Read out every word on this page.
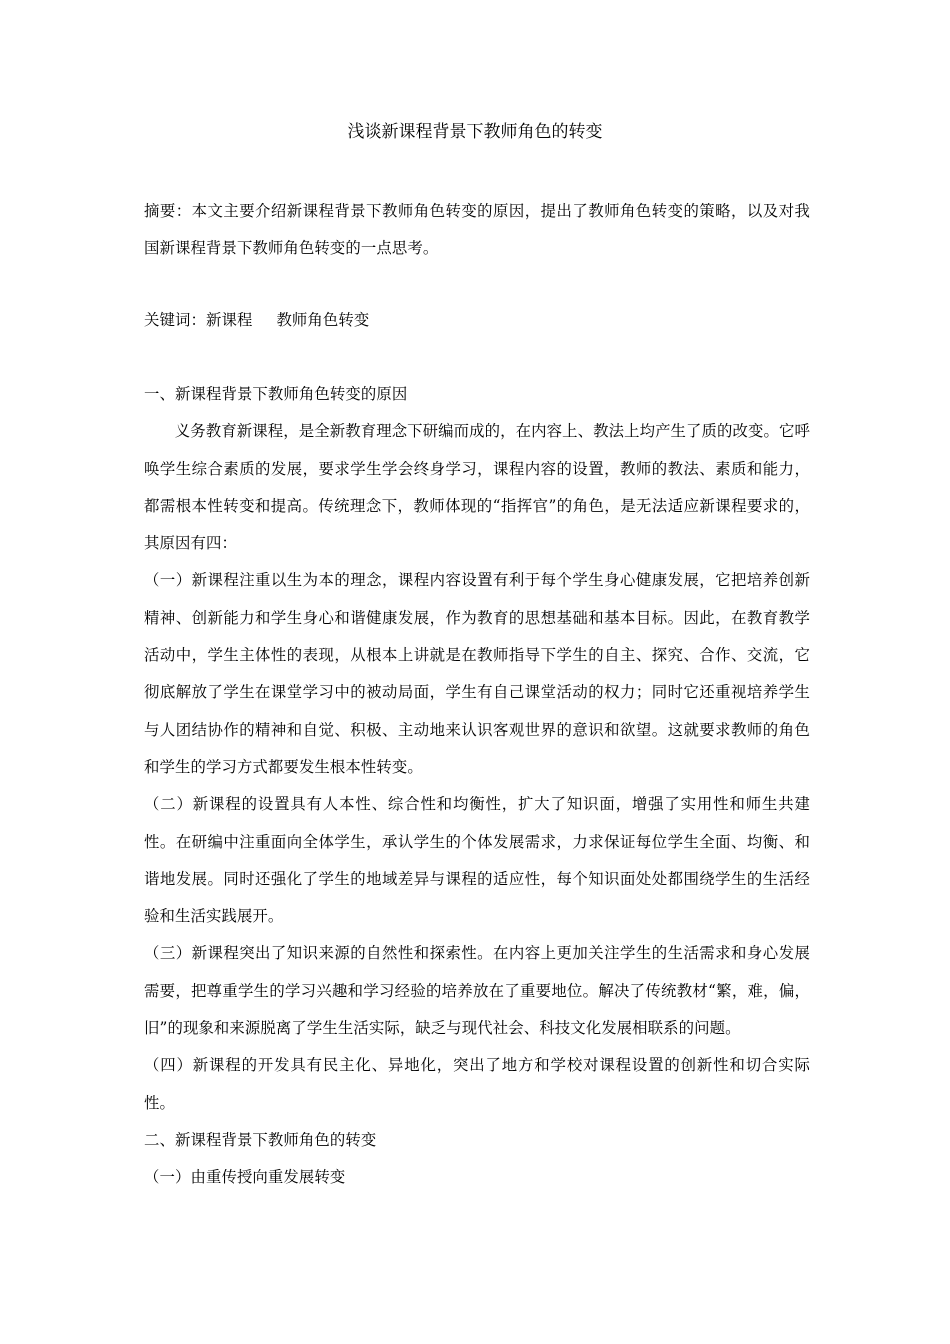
浅谈新课程背景下教师角色的转变

摘要：本文主要介绍新课程背景下教师角色转变的原因，提出了教师角色转变的策略，以及对我国新课程背景下教师角色转变的一点思考。

关键词：新课程 教师角色转变

一、新课程背景下教师角色转变的原因

义务教育新课程，是全新教育理念下研编而成的，在内容上、教法上均产生了质的改变。它呼唤学生综合素质的发展，要求学生学会终身学习，课程内容的设置，教师的教法、素质和能力，都需根本性转变和提高。传统理念下，教师体现的“指挥官”的角色，是无法适应新课程要求的，其原因有四：

（一）新课程注重以生为本的理念，课程内容设置有利于每个学生身心健康发展，它把培养创新精神、创新能力和学生身心和谐健康发展，作为教育的思想基础和基本目标。因此，在教育教学活动中，学生主体性的表现，从根本上讲就是在教师指导下学生的自主、探究、合作、交流，它彻底解放了学生在课堂学习中的被动局面，学生有自己课堂活动的权力；同时它还重视培养学生与人团结协作的精神和自觉、积极、主动地来认识客观世界的意识和欲望。这就要求教师的角色和学生的学习方式都要发生根本性转变。

（二）新课程的设置具有人本性、综合性和均衡性，扩大了知识面，增强了实用性和师生共建性。在研编中注重面向全体学生，承认学生的个体发展需求，力求保证每位学生全面、均衡、和谐地发展。同时还强化了学生的地域差异与课程的适应性，每个知识面处处都围绕学生的生活经验和生活实践展开。

（三）新课程突出了知识来源的自然性和探索性。在内容上更加关注学生的生活需求和身心发展需要，把尊重学生的学习兴趣和学习经验的培养放在了重要地位。解决了传统教材“繁，难，偏，旧”的现象和来源脱离了学生生活实际，缺乏与现代社会、科技文化发展相联系的问题。

（四）新课程的开发具有民主化、异地化，突出了地方和学校对课程设置的创新性和切合实际性。

二、新课程背景下教师角色的转变

（一）由重传授向重发展转变
